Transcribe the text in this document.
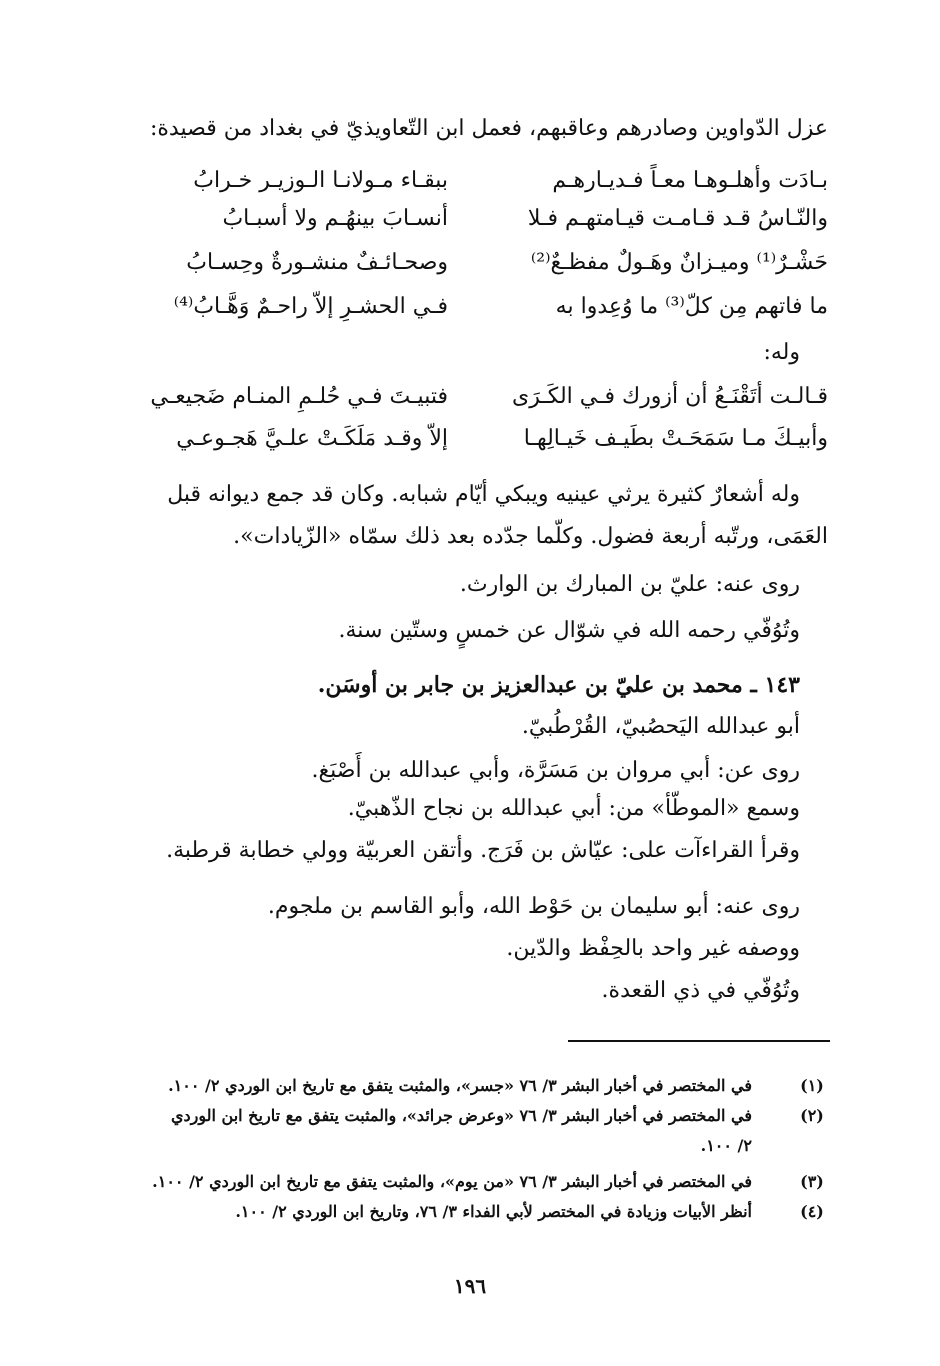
عزل الدّواوين وصادرهم وعاقبهم، فعمل ابن التّعاويذيّ في بغداد من قصيدة:
بـادَت وأهلـوهـا معـاً فـديـارهـم
ببقـاء مـولانـا الـوزيـر خـرابُ
والنّـاسُ قـد قـامـت قيـامتهـم فـلا
أنسـابَ بينهُـم ولا أسبـابُ
حَشْـرٌ⁽¹⁾ وميـزانٌ وهَـولٌ مفظـعٌ⁽²⁾
وصحـائـفٌ منشـورةٌ وحِسـابُ
ما فاتهم مِن كلّ⁽³⁾ ما وُعِدوا به
فـي الحشـرِ إلاّ راحـمٌ وَهَّـابُ⁽⁴⁾
وله:
قـالـت أتَقْنَـعُ أن أزورك فـي الكَـرَى
فتبيـتَ فـي حُلـمِ المنـام ضَجيعـي
وأبيـكَ مـا سَمَحَـتْ بطَيـف خَيـالِهـا
إلاّ وقـد مَلَكَـتْ علـيَّ هَجـوعـي
وله أشعارٌ كثيرة يرثي عينيه ويبكي أيّام شبابه. وكان قد جمع ديوانه قبل
العَمَى، ورتّبه أربعة فضول. وكلّما جدّده بعد ذلك سمّاه «الزّيادات».
روى عنه: عليّ بن المبارك بن الوارث.
وتُوُفّي رحمه الله في شوّال عن خمسٍ وستّين سنة.
١٤٣ ـ محمد بن عليّ بن عبدالعزيز بن جابر بن أوسَن.
أبو عبدالله اليَحصُبيّ، القُرْطُبيّ.
روى عن: أبي مروان بن مَسَرَّة، وأبي عبدالله بن أَصْبَغ.
وسمع «الموطّأ» من: أبي عبدالله بن نجاح الذّهبيّ.
وقرأ القراءآت على: عيّاش بن فَرَج. وأتقن العربيّة وولي خطابة قرطبة.
روى عنه: أبو سليمان بن حَوْط الله، وأبو القاسم بن ملجوم.
ووصفه غير واحد بالحِفْظ والدّين.
وتُوُفّي في ذي القعدة.
(١)
في المختصر في أخبار البشر ٣/ ٧٦ «جسر»، والمثبت يتفق مع تاريخ ابن الوردي ٢/ ١٠٠.
(٢)
في المختصر في أخبار البشر ٣/ ٧٦ «وعرض جرائد»، والمثبت يتفق مع تاريخ ابن الوردي
٢/ ١٠٠.
(٣)
في المختصر في أخبار البشر ٣/ ٧٦ «من يوم»، والمثبت يتفق مع تاريخ ابن الوردي ٢/ ١٠٠.
(٤)
أنظر الأبيات وزيادة في المختصر لأبي الفداء ٣/ ٧٦، وتاريخ ابن الوردي ٢/ ١٠٠.
١٩٦
